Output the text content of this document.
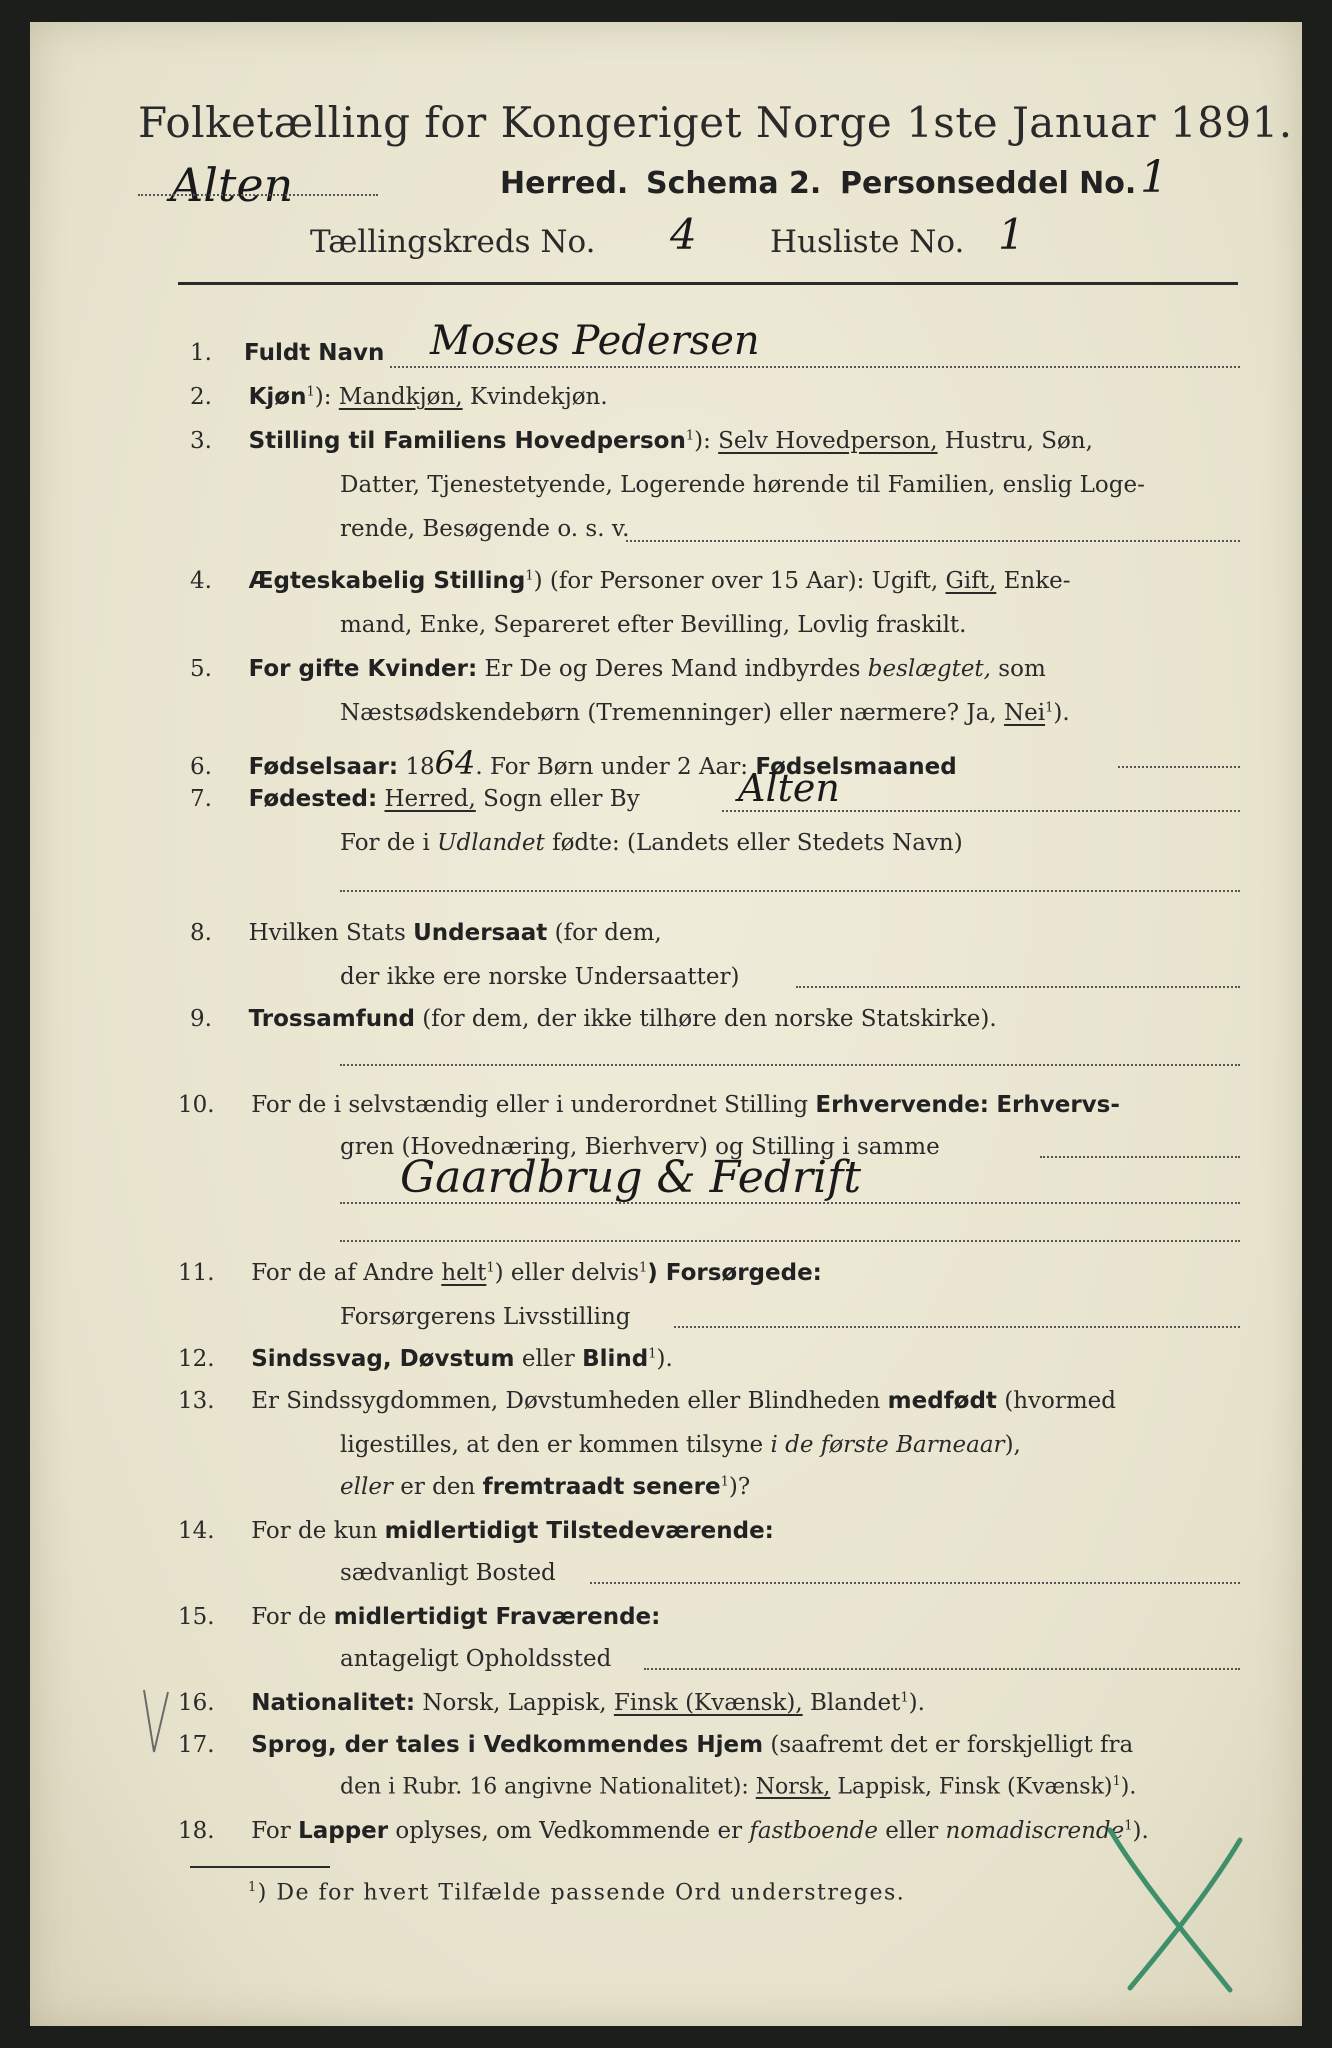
Folketælling for Kongeriget Norge 1ste Januar 1891.
Alten	Herred. Schema 2. Personseddel No. 1
Tællingskreds No. 4 Husliste No. 1
1. Fuldt Navn Moses Pedersen
2. Kjøn$^1$): Mandkjøn, Kvindekjøn.
3. Stilling til Familiens Hovedperson$^1$): Selv Hovedperson, Hustru, Søn,
Datter, Tjenestetyende, Logerende hørende til Familien, enslig Loge-
rende, Besøgende o. s. v.
4. Ægteskabelig Stilling$^1$) (for Personer over 15 Aar): Ugift, Gift, Enke-
mand, Enke, Separeret efter Bevilling, Lovlig fraskilt.
5. For gifte Kvinder: Er De og Deres Mand indbyrdes beslægtet, som
Næstsødskendebørn (Tremenninger) eller nærmere? Ja, Nei$^1$).
6. Fødselsaar: 1864. For Børn under 2 Aar: Fødselsmaaned
7. Fødested: Herred, Sogn eller By	Alten
For de i Udlandet fødte: (Landets eller Stedets Navn)
8. Hvilken Stats Undersaat (for dem,
der ikke ere norske Undersaatter)
9. Trossamfund (for dem, der ikke tilhøre den norske Statskirke).
10. For de i selvstændig eller i underordnet Stilling Erhvervende: Erhvervs-
gren (Hovednæring, Bierhverv) og Stilling i samme
Gaardbrug & Fedrift
11. For de af Andre helt$^1$) eller delvis$^1$) Forsørgede:
Forsørgerens Livsstilling
12. Sindssvag, Døvstum eller Blind$^1$).
13. Er Sindssygdommen, Døvstumheden eller Blindheden medfødt (hvormed
ligestilles, at den er kommen tilsyne i de første Barneaar),
eller er den fremtraadt senere$^1$)?
14. For de kun midlertidigt Tilstedeværende:
sædvanligt Bosted
15. For de midlertidigt Fraværende:
antageligt Opholdssted
16. Nationalitet: Norsk, Lappisk, Finsk (Kvænsk), Blandet$^1$).
17. Sprog, der tales i Vedkommendes Hjem (saafremt det er forskjelligt fra
den i Rubr. 16 angivne Nationalitet): Norsk, Lappisk, Finsk (Kvænsk)$^1$).
18. For Lapper oplyses, om Vedkommende er fastboende eller nomadiscrende$^1$).
$^1$) De for hvert Tilfælde passende Ord understreges.
